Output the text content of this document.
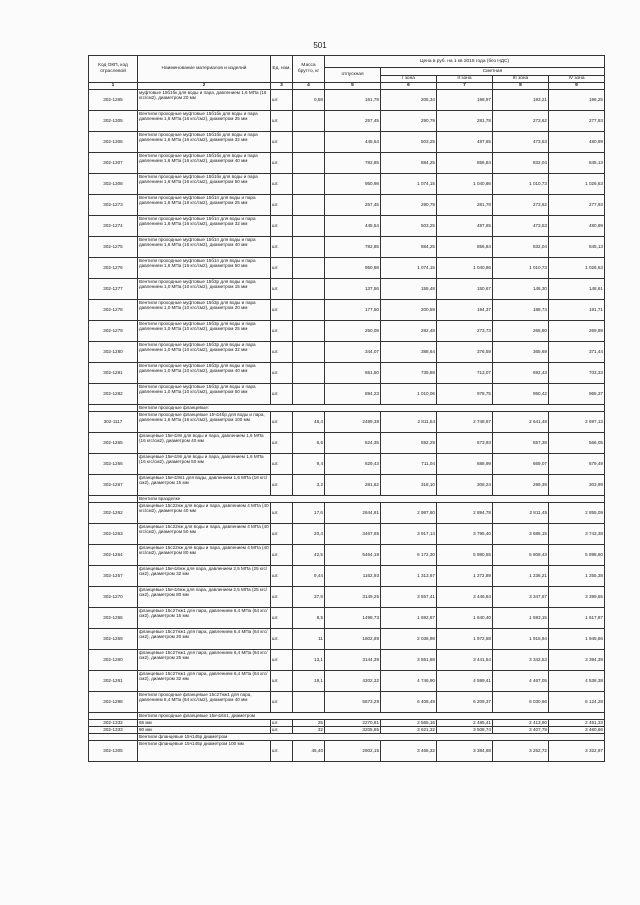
501
Код ОКП, код отраслевой	Наименование материалов и изделий	Ед. изм.	Масса брутто, кг	Цена в руб. на 1 кв 2015 года (без НДС)				
				отпускная	Сметная			
					I зона	II зона	III зона	IV зона
1	2	3	4	5	6	7	8	9
302-1265	муфтовые 15б1бк для воды и пара, давлением 1,6 МПа (16 кгс/см2), диаметром 20 мм	шт.	0,58	161,79	205,34	198,97	193,21	196,25
302-1305	Вентили проходные муфтовые 15б1бк для воды и пара давлением 1,6 МПа (16 кгс/см2), диаметром 25 мм	шт.		257,45	290,79	281,78	273,62	277,93
302-1306	Вентили проходные муфтовые 15б1бк для воды и пара давлением 1,6 МПа (16 кгс/см2), диаметром 32 мм	шт.		445,54	503,25	487,65	473,53	480,99
302-1307	Вентили проходные муфтовые 15б1бк для воды и пара давлением 1,6 МПа (16 кгс/см2), диаметром 40 мм	шт.		782,85	884,25	856,84	832,04	845,13
302-1308	Вентили проходные муфтовые 15б1бк для воды и пара давлением 1,6 МПа (16 кгс/см2), диаметром 50 мм	шт.		950,98	1 074,15	1 040,86	1 010,73	1 026,63
302-1273	Вентили проходные муфтовые 15б1п для воды и пара давлением 1,6 МПа (16 кгс/см2), диаметром 25 мм	шт.		257,45	290,79	281,78	273,62	277,93
302-1274	Вентили проходные муфтовые 15б1п для воды и пара давлением 1,6 МПа (16 кгс/см2), диаметром 32 мм	шт.		445,54	503,25	487,65	473,53	480,99
302-1275	Вентили проходные муфтовые 15б1п для воды и пара давлением 1,6 МПа (16 кгс/см2), диаметром 40 мм	шт.		782,85	884,25	856,84	832,04	845,13
302-1276	Вентили проходные муфтовые 15б1п для воды и пара давлением 1,6 МПа (16 кгс/см2), диаметром 50 мм	шт.		950,98	1 074,15	1 040,86	1 010,73	1 026,63
302-1277	Вентили проходные муфтовые 15б3р для воды и пара давлением 1,0 МПа (10 кгс/см2), диаметром 15 мм	шт.		137,56	155,48	150,67	146,30	148,61
302-1278	Вентили проходные муфтовые 15б3р для воды и пара давлением 1,0 МПа (10 кгс/см2), диаметром 20 мм	шт.		177,50	200,59	194,37	188,74	191,71
302-1279	Вентили проходные муфтовые 15б3р для воды и пара давлением 1,0 МПа (10 кгс/см2), диаметром 25 мм	шт.		250,09	282,48	273,73	265,80	269,99
302-1280	Вентили проходные муфтовые 15б3р для воды и пара давлением 1,0 МПа (10 кгс/см2), диаметром 32 мм	шт.		344,07	388,64	376,59	365,69	371,44
302-1281	Вентили проходные муфтовые 15б3р для воды и пара давлением 1,0 МПа (10 кгс/см2), диаметром 40 мм	шт.		651,50	735,88	713,07	692,43	703,33
302-1282	Вентили проходные муфтовые 15б3р для воды и пара давлением 1,0 МПа (10 кгс/см2), диаметром 50 мм	шт.		894,23	1 010,06	978,75	950,42	965,37
	Вентили проходные фланцевые:							
302-1117	Вентили проходные фланцевые 15ч14бр для воды и пара, давлением 1,6 МПа (16 кгс/см2), диаметром 100 мм	шт.	48,4	2489,38	2 811,54	2 748,87	2 641,48	2 697,13
302-1265	фланцевые 15кч19п для воды и пара, давлением 1,6 МПа (16 кгс/см2), диаметром 40 мм	шт.	6,6	524,35	592,29	573,93	557,38	566,05
302-1266	фланцевые 15кч19п для воды и пара, давлением 1,6 МПа (16 кгс/см2), диаметром 50 мм	шт.	9,4	629,43	711,04	688,99	669,07	679,49
302-1267	фланцевые 15кч19п1 для воды, давлением 1,6 МПа (16 кгс/см2), диаметром 15 мм	шт.	3,2	281,62	318,10	308,24	299,39	303,99
	Вентили вразделке							
302-1262	фланцевые 15с22нж для воды и пара, давлением 4 МПа (40 кгс/см2), диаметром 40 мм	шт.	17,6	2644,81	2 987,60	2 894,78	2 811,45	2 855,09
302-1263	фланцевые 15с22нж для воды и пара, давлением 4 МПа (40 кгс/см2), диаметром 50 мм	шт.	20,4	3467,65	3 917,14	3 795,40	3 686,15	3 743,38
302-1264	фланцевые 15с22нж для воды и пара, давлением 4 МПа (40 кгс/см2), диаметром 80 мм	шт.	42,5	5464,18	6 172,30	5 980,55	5 808,43	5 898,60
302-1257	фланцевые 15кч16нж для пара, давлением 2,5 МПа (25 кгс/см2), диаметром 32 мм	шт.	9,44	1162,93	1 313,67	1 272,89	1 236,21	1 255,38
302-1270	фланцевые 15кч16нж для пара, давлением 2,5 МПа (25 кгс/см2), диаметром 80 мм	шт.	37,9	3149,25	3 557,41	3 446,84	3 347,67	3 399,65
302-1256	фланцевые 15с27нж1 для пара, давлением 6,4 МПа (64 кгс/см2), диаметром 15 мм	шт.	8,5	1498,73	1 692,87	1 640,40	1 593,15	1 617,87
302-1259	фланцевые 15с27нж1 для пара, давлением 6,4 МПа (64 кгс/см2), диаметром 20 мм	шт.	11	1802,89	2 036,98	1 972,58	1 915,94	1 945,66
302-1260	фланцевые 15с27нж1 для пара, давлением 6,4 МПа (64 кгс/см2), диаметром 25 мм	шт.	13,1	3144,39	3 551,88	3 441,54	3 342,53	3 394,39
302-1261	фланцевые 15с27нж1 для пара, давлением 6,4 МПа (64 кгс/см2), диаметром 32 мм	шт.	19,1	4202,32	4 746,90	4 599,41	4 467,05	4 536,38
302-1298	Вентили проходные фланцевые 15с27нж1 для пара, давлением 6,4 МПа (64 кгс/см2), диаметром 40 мм	шт.		5673,29	6 408,49	6 209,37	6 030,66	6 124,28
	Вентили проходные фланцевые 15кч16п1, диаметром							
302-1332	65 мм	шт.	25	2270,81	2 565,16	2 485,41	2 413,90	2 451,33
302-1333	80 мм	шт.	32	3205,85	3 621,32	3 508,74	3 407,78	3 460,66
	Вентили фланцевые 15ч145р диаметром							
302-1305	Вентили фланцевые 15ч145р диаметром 100 мм	шт.	45,40	2902,15	3 465,32	3 384,68	3 252,72	3 322,97
